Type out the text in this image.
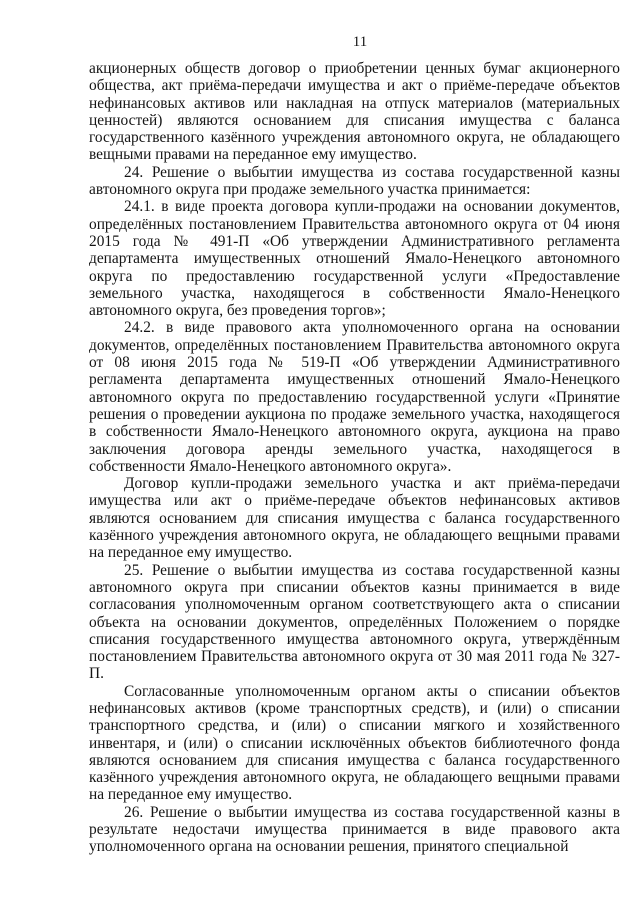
11

акционерных обществ договор о приобретении ценных бумаг акционерного общества, акт приёма-передачи имущества и акт о приёме-передаче объектов нефинансовых активов или накладная на отпуск материалов (материальных ценностей) являются основанием для списания имущества с баланса государственного казённого учреждения автономного округа, не обладающего вещными правами на переданное ему имущество.

24. Решение о выбытии имущества из состава государственной казны автономного округа при продаже земельного участка принимается:

24.1. в виде проекта договора купли-продажи на основании документов, определённых постановлением Правительства автономного округа от 04 июня 2015 года № 491-П «Об утверждении Административного регламента департамента имущественных отношений Ямало-Ненецкого автономного округа по предоставлению государственной услуги «Предоставление земельного участка, находящегося в собственности Ямало-Ненецкого автономного округа, без проведения торгов»;

24.2. в виде правового акта уполномоченного органа на основании документов, определённых постановлением Правительства автономного округа от 08 июня 2015 года № 519-П «Об утверждении Административного регламента департамента имущественных отношений Ямало-Ненецкого автономного округа по предоставлению государственной услуги «Принятие решения о проведении аукциона по продаже земельного участка, находящегося в собственности Ямало-Ненецкого автономного округа, аукциона на право заключения договора аренды земельного участка, находящегося в собственности Ямало-Ненецкого автономного округа».

Договор купли-продажи земельного участка и акт приёма-передачи имущества или акт о приёме-передаче объектов нефинансовых активов являются основанием для списания имущества с баланса государственного казённого учреждения автономного округа, не обладающего вещными правами на переданное ему имущество.

25. Решение о выбытии имущества из состава государственной казны автономного округа при списании объектов казны принимается в виде согласования уполномоченным органом соответствующего акта о списании объекта на основании документов, определённых Положением о порядке списания государственного имущества автономного округа, утверждённым постановлением Правительства автономного округа от 30 мая 2011 года № 327-П.

Согласованные уполномоченным органом акты о списании объектов нефинансовых активов (кроме транспортных средств), и (или) о списании транспортного средства, и (или) о списании мягкого и хозяйственного инвентаря, и (или) о списании исключённых объектов библиотечного фонда являются основанием для списания имущества с баланса государственного казённого учреждения автономного округа, не обладающего вещными правами на переданное ему имущество.

26. Решение о выбытии имущества из состава государственной казны в результате недостачи имущества принимается в виде правового акта уполномоченного органа на основании решения, принятого специальной
